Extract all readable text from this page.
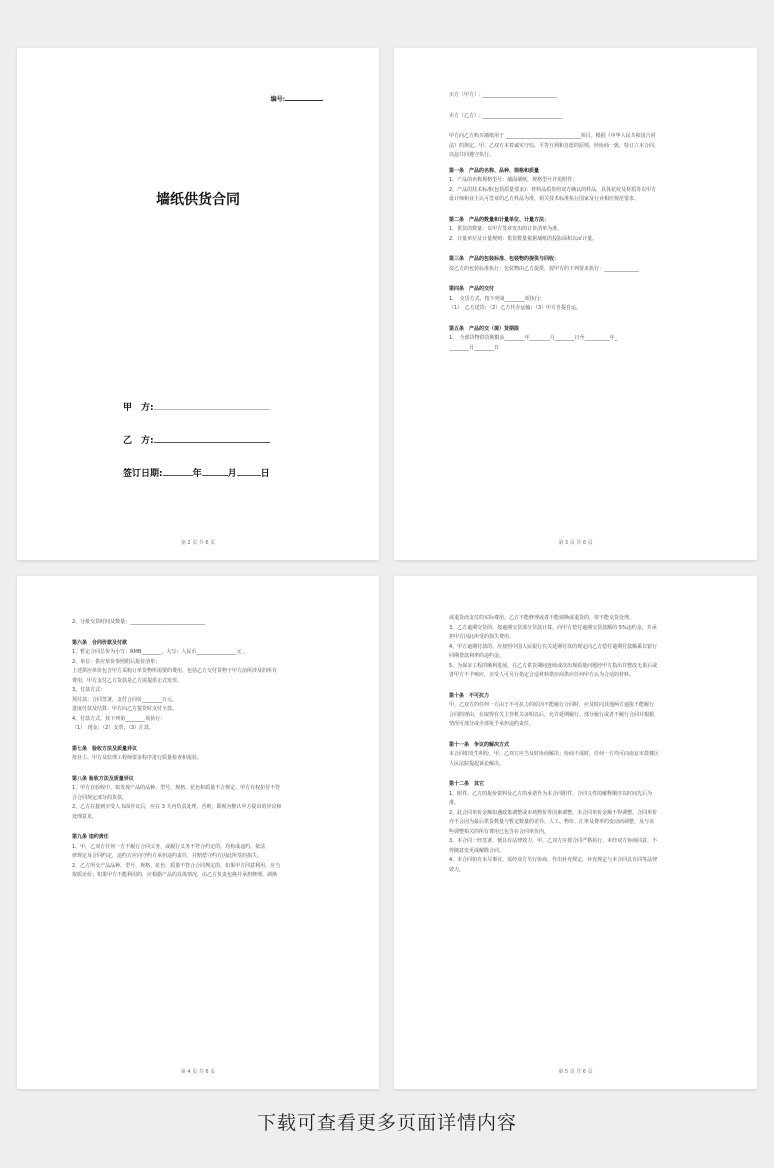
编号:
墙纸供货合同
甲　方:
乙　方:
签订日期:	年	月	日
第 2 页 共 6 页

买方（甲方）: ______________________________

卖方（乙方）: ________________________________

甲方向乙方购买墙纸用于 ______________________________项目。根据《中华人民共和国合同

法》的规定，甲、乙双方本着诚实守信、平等互利和自愿的原则，经协商一致，特订立本合同，

以兹共同遵守执行。

第一条　产品的名称、品种、规格和质量

1、产品的名称规格型号：墙面墙纸，规格型号详见附件；

2、产品的技术标准(包括质量要求)：材料品质参照双方确认的样品，具体花纹及材质等以甲方

设计师和业主认可签章的乙方样品为准，相关技术标准执行国家及行业相应规范要求。

第二条　产品的数量和计量单位、计量方法：

1、供货的数量：以甲方签章发出的订货清单为准。

2、计量单位及计量规则：供货数量依据墙纸的投影面积以㎡计量。

第三条　产品的包装标准、包装物的提供与回收：

按乙方的包装标准执行；包装物由乙方提供，按甲方的下列要求执行：______________

第四条　产品的交付

1、　交货方式，按下列第________项执行：

（1）　乙方送货；（2）乙方代办运输；（3）甲方自提自运。

第五条　产品的交（提）货期限

1、　全部货物供货期限从________年________月________日至__________年_

________月________日

第 3 页 共 6 页

2、分批交货时间及数量：______________________________

第六条　合同价款及付款

1、暂定合同总价为小写：RMB________，大写：人民币________________元 。

2、单位：供应单价参照附后报价清单；

上述供应单价包含甲方采购订单货物所需要的费用，包括乙方交付货物于甲方前所涉及的所有

费用，甲方支付乙方货款是乙方需提供正式发票。

3、付款方式：

预付款：合同签署，支付合同价________万元。

进度付款及结算：甲方向乙方提货时支付全款。

4、付款方式，按下列第________项执行：

（1）　现金；（2）支票；（3）汇款。

第七条　验收方法及质量异议

按业主、甲方及监理工程师要求程序进行质量检查和报验。

第八条 验收方法及质量异议

1、甲方在验收中，如发现产品的品种、型号、规格、花色和质量不合规定，甲方有权拒付不符

合合同规定部分的货款。

2、乙方在接到买受人书面异议后，应在 3 天内负责处理，否则，即视为默认甲方提出的异议和

处理意见。

第九条 违约责任

1、甲、乙双方任何一方不履行合同义务，或履行义务不符合约定的，均构成违约，依法

律规定及合同约定，违约方应向守约方承担违约责任，并赔偿守约方因此所受的损失。

2、乙方所交产品品种、型号、规格、花色、质量不符合合同规定的，如果甲方同意利用，应当

按质论价；如果甲方不能利用的，应根据产品的具体情况，由乙方负责包换并承担修理、调换

第 4 页 共 6 页

或退货而支付的实际费用。乙方不能修理或者不能调换或退货的，按不能交货处理。

3、乙方逾期交货的，按逾期交货部分货款计算，向甲方偿付逾期交货款额的 5%违约金，并承

担甲方因此所受的损失费用。

4、甲方逾期付款的，应按照中国人民银行有关延期付款的规定向乙方偿付逾期付款额乘以银行

同期贷款利率的违约金。

5、为保证工程的顺利进展，在乙方供货期间连续或次出现质量问题经甲方指出并整改无果后或

者甲方不予响应，买受人可另行指定合适材料供应商供应任何甲方认为合适的材料。

第十条　不可抗力

甲、乙双方的任何一方由于不可抗力的原因不能履行合同时，应及时向其他两方通报不能履行

合同的理由，在取得有关主管机关证明以后，允许延期履行、部分履行或者不履行合同并根据

情况可部分或全部免予承担违约责任。

第十一条　争议的解决方式

本合同如发生纠纷，甲、乙双方应当及时协商解决；协商不成时，任何一方均可向南京市鼓楼区

人民法院提起诉讼解决。

第十二条　其它

1、附件，乙方的报价资料及乙方的承诺作为本合同附件，合同文件的解释顺序以时间先后为

准。

2、此合同单价金额如遇政策调整或市场物价等因素调整，本合同单价金额不得调整。合同单价

亦不会因为最后供货数量与暂定数量的差异、人工、物价、汇率及费率的变动而调整，及与该

些调整相关的所有费用已包含在合同单价内。

3、本合同一经签署，便具有法律效力，甲、乙双方应按合同严格执行，未经双方协商同意，不

得随意变更或解除合同。

4、本合同如有未尽事宜，需经双方另行协商，作出补充规定，补充规定与本合同具有同等法律

效力。

第 5 页 共 6 页
下载可查看更多页面详情内容
